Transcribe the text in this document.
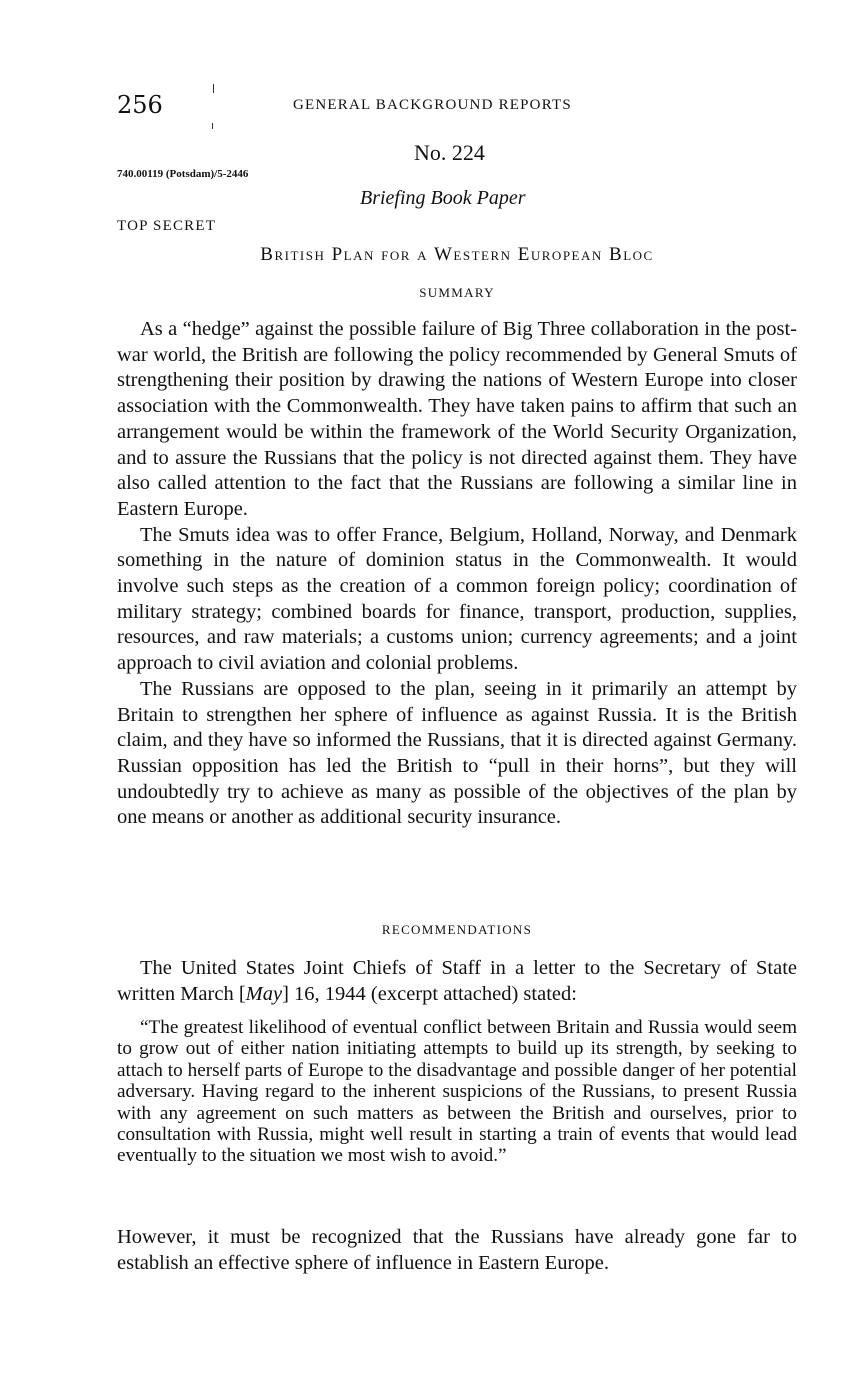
256	GENERAL BACKGROUND REPORTS
No. 224
740.00119 (Potsdam)/5-2446
Briefing Book Paper
TOP SECRET
British Plan for a Western European Bloc
SUMMARY

As a “hedge” against the possible failure of Big Three collaboration in the post-war world, the British are following the policy recommended by General Smuts of strengthening their position by drawing the nations of Western Europe into closer association with the Commonwealth. They have taken pains to affirm that such an arrangement would be within the framework of the World Security Organization, and to assure the Russians that the policy is not directed against them. They have also called attention to the fact that the Russians are following a similar line in Eastern Europe.

The Smuts idea was to offer France, Belgium, Holland, Norway, and Denmark something in the nature of dominion status in the Commonwealth. It would involve such steps as the creation of a common foreign policy; coordination of military strategy; combined boards for finance, transport, production, supplies, resources, and raw materials; a customs union; currency agreements; and a joint approach to civil aviation and colonial problems.

The Russians are opposed to the plan, seeing in it primarily an attempt by Britain to strengthen her sphere of influence as against Russia. It is the British claim, and they have so informed the Russians, that it is directed against Germany. Russian opposition has led the British to “pull in their horns”, but they will undoubtedly try to achieve as many as possible of the objectives of the plan by one means or another as additional security insurance.

RECOMMENDATIONS

The United States Joint Chiefs of Staff in a letter to the Secretary of State written March [May] 16, 1944 (excerpt attached) stated:

“The greatest likelihood of eventual conflict between Britain and Russia would seem to grow out of either nation initiating attempts to build up its strength, by seeking to attach to herself parts of Europe to the disadvantage and possible danger of her potential adversary. Having regard to the inherent suspicions of the Russians, to present Russia with any agreement on such matters as between the British and ourselves, prior to consultation with Russia, might well result in starting a train of events that would lead eventually to the situation we most wish to avoid.”

However, it must be recognized that the Russians have already gone far to establish an effective sphere of influence in Eastern Europe.
